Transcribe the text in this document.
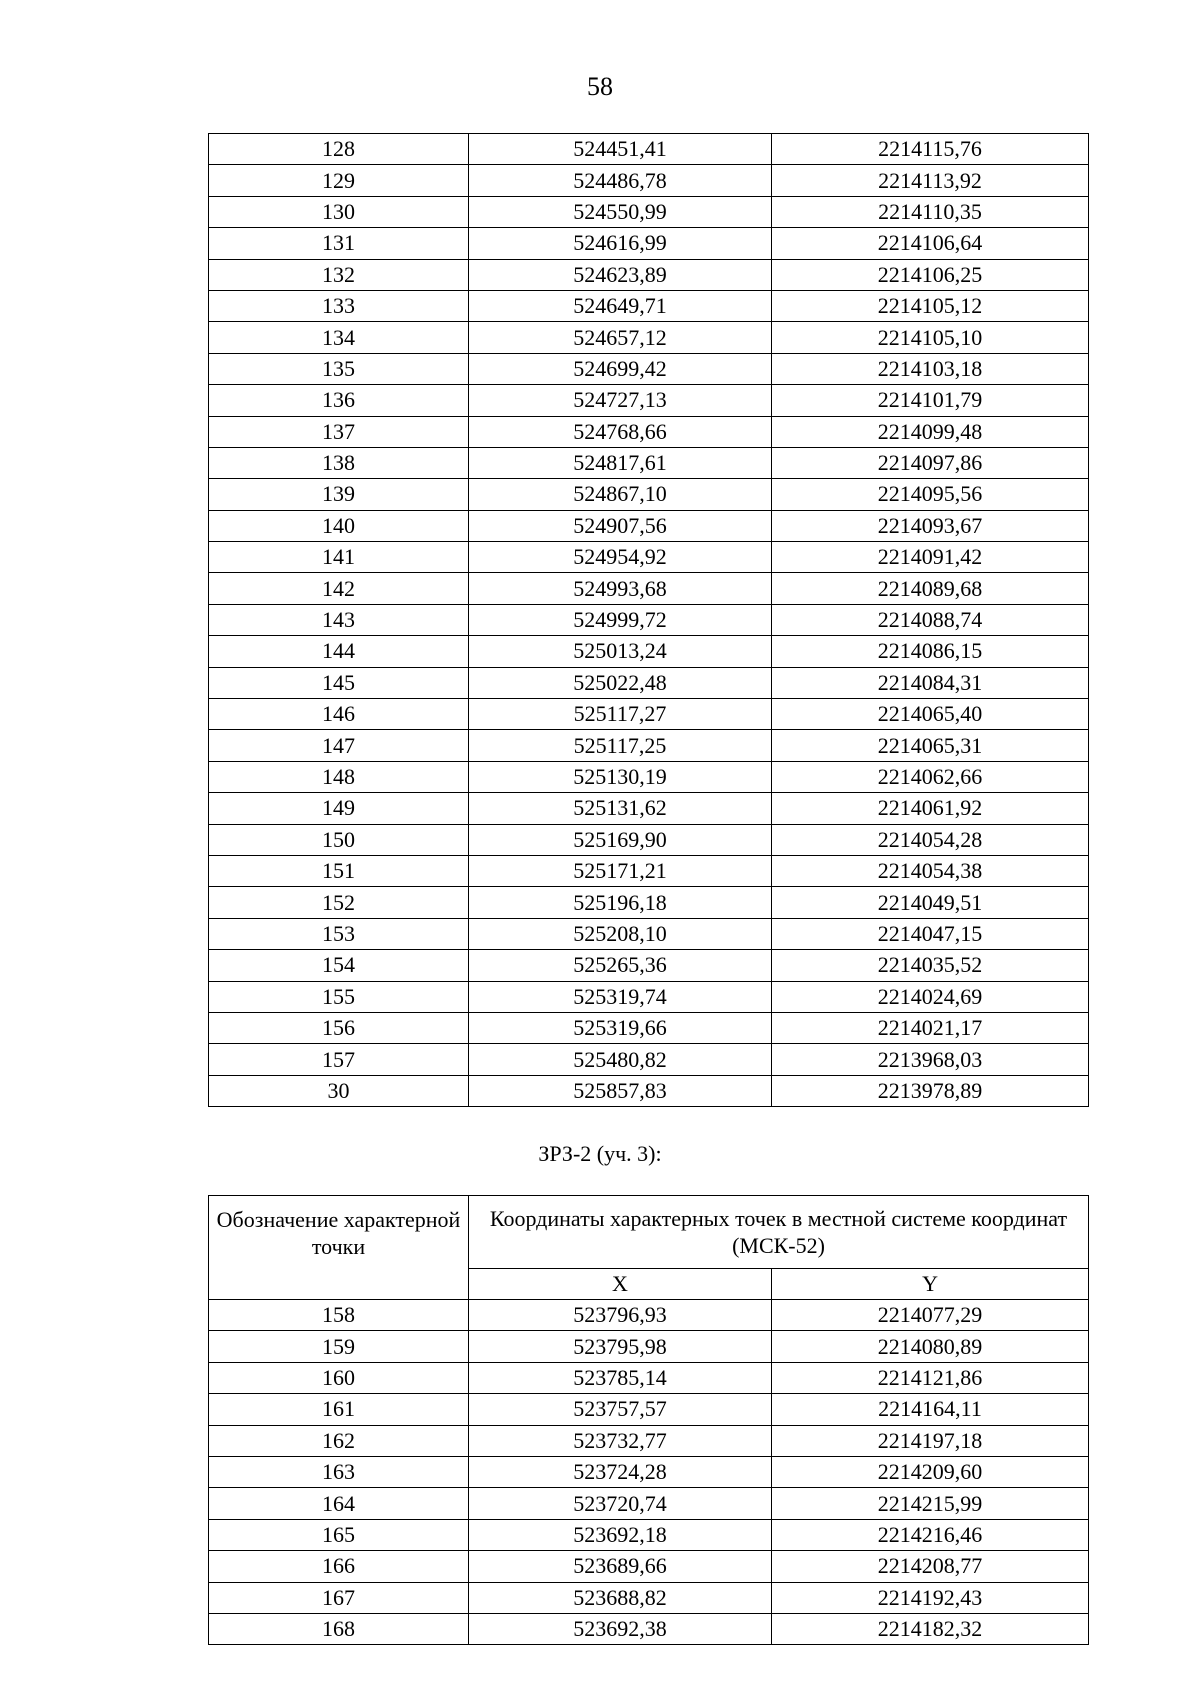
58
128	524451,41	2214115,76
129	524486,78	2214113,92
130	524550,99	2214110,35
131	524616,99	2214106,64
132	524623,89	2214106,25
133	524649,71	2214105,12
134	524657,12	2214105,10
135	524699,42	2214103,18
136	524727,13	2214101,79
137	524768,66	2214099,48
138	524817,61	2214097,86
139	524867,10	2214095,56
140	524907,56	2214093,67
141	524954,92	2214091,42
142	524993,68	2214089,68
143	524999,72	2214088,74
144	525013,24	2214086,15
145	525022,48	2214084,31
146	525117,27	2214065,40
147	525117,25	2214065,31
148	525130,19	2214062,66
149	525131,62	2214061,92
150	525169,90	2214054,28
151	525171,21	2214054,38
152	525196,18	2214049,51
153	525208,10	2214047,15
154	525265,36	2214035,52
155	525319,74	2214024,69
156	525319,66	2214021,17
157	525480,82	2213968,03
30	525857,83	2213978,89
ЗРЗ-2 (уч. 3):
Обозначение характерной точки	Координаты характерных точек в местной системе координат (МСК-52)	
	X	Y
158	523796,93	2214077,29
159	523795,98	2214080,89
160	523785,14	2214121,86
161	523757,57	2214164,11
162	523732,77	2214197,18
163	523724,28	2214209,60
164	523720,74	2214215,99
165	523692,18	2214216,46
166	523689,66	2214208,77
167	523688,82	2214192,43
168	523692,38	2214182,32
